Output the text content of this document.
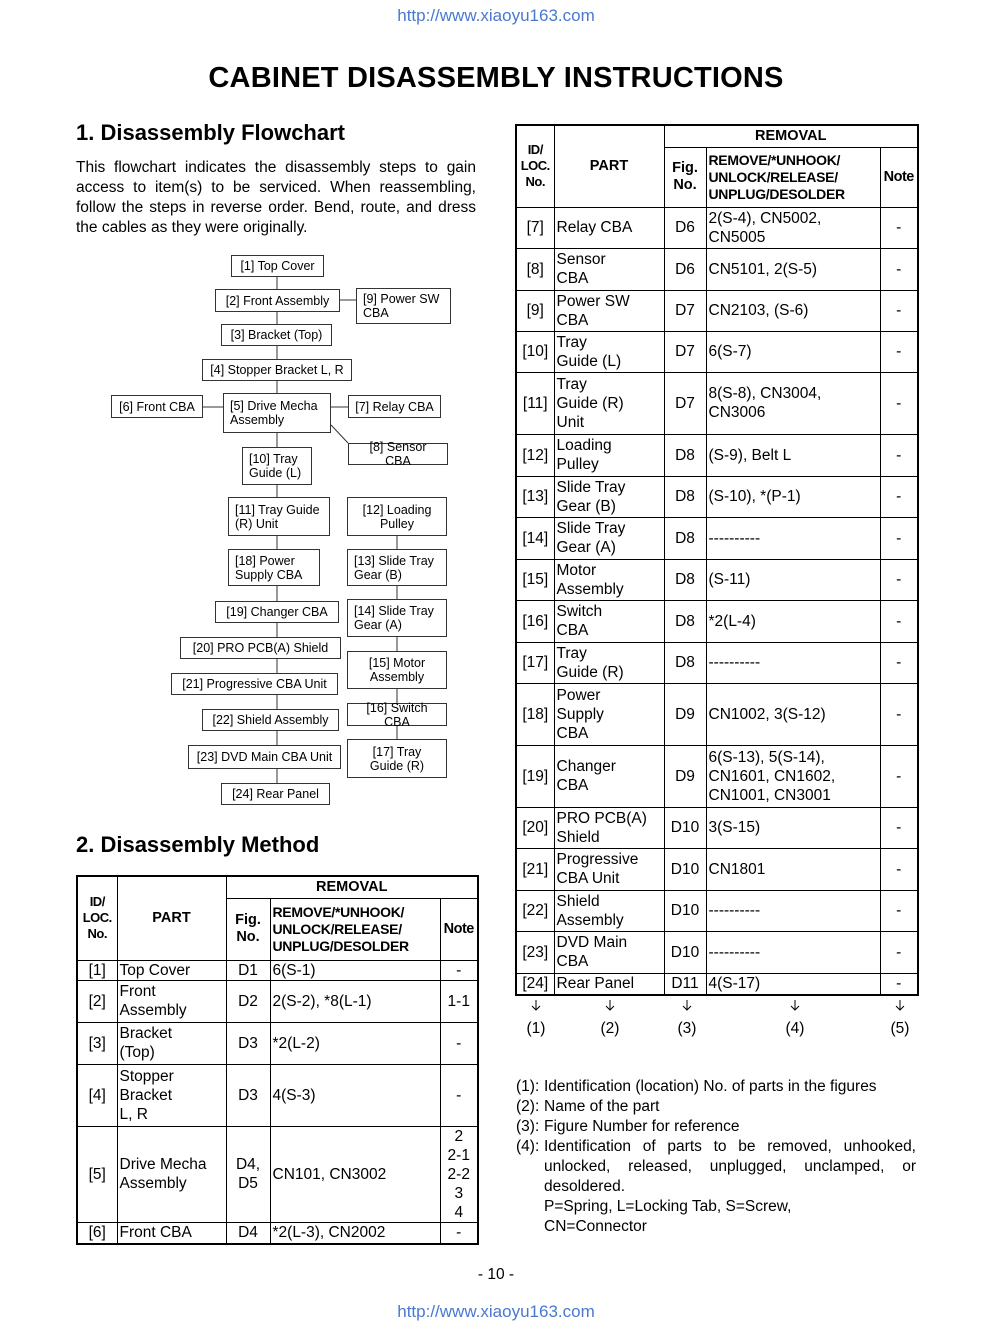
http://www.xiaoyu163.com
CABINET DISASSEMBLY INSTRUCTIONS
1. Disassembly Flowchart
This flowchart indicates the disassembly steps to gain access to item(s) to be serviced. When reassembling, follow the steps in reverse order. Bend, route, and dress the cables as they were originally.
[1] Top Cover
[2] Front Assembly	[9] Power SW
CBA
[3] Bracket (Top)
[4] Stopper Bracket L, R
[6] Front CBA	[5] Drive Mecha
Assembly
[7] Relay CBA
[8] Sensor CBA
[10] Tray
Guide (L)
[11] Tray Guide
(R) Unit
[12] Loading
Pulley
[18] Power
Supply CBA
[13] Slide Tray
Gear (B)
[19] Changer CBA [14] Slide Tray
Gear (A)
[20] PRO PCB(A) Shield
[15] Motor
Assembly
[21] Progressive CBA Unit
[22] Shield Assembly
[16] Switch CBA
[23] DVD Main CBA Unit	[17] Tray
Guide (R)
[24] Rear Panel
2. Disassembly Method
ID/
LOC.
No.	PART	REMOVAL		
		Fig.
No.	REMOVE/*UNHOOK/
UNLOCK/RELEASE/
UNPLUG/DESOLDER	Note
[1]	Top Cover	D1	6(S-1)	-
[2]	Front
Assembly	D2	2(S-2), *8(L-1)	1-1
[3]	Bracket
(Top)	D3	*2(L-2)	-
[4]	Stopper
Bracket
L, R	D3	4(S-3)	-
[5]	Drive Mecha
Assembly	D4,
D5	CN101, CN3002	2
2-1
2-2
3
4
[6]	Front CBA	D4	*2(L-3), CN2002	-
ID/
LOC.
No.	PART	REMOVAL		
		Fig.
No.	REMOVE/*UNHOOK/
UNLOCK/RELEASE/
UNPLUG/DESOLDER	Note
[7]	Relay CBA	D6	2(S-4), CN5002,
CN5005	-
[8]	Sensor
CBA	D6	CN5101, 2(S-5)	-
[9]	Power SW
CBA	D7	CN2103, (S-6)	-
[10]	Tray
Guide (L)	D7	6(S-7)	-
[11]	Tray
Guide (R)
Unit	D7	8(S-8), CN3004,
CN3006	-
[12]	Loading
Pulley	D8	(S-9), Belt L	-
[13]	Slide Tray
Gear (B)	D8	(S-10), *(P-1)	-
[14]	Slide Tray
Gear (A)	D8	----------	-
[15]	Motor
Assembly	D8	(S-11)	-
[16]	Switch
CBA	D8	*2(L-4)	-
[17]	Tray
Guide (R)	D8	----------	-
[18]	Power
Supply
CBA	D9	CN1002, 3(S-12)	-
[19]	Changer
CBA	D9	6(S-13), 5(S-14),
CN1601, CN1602,
CN1001, CN3001	-
[20]	PRO PCB(A)
Shield	D10	3(S-15)	-
[21]	Progressive
CBA Unit	D10	CN1801	-
[22]	Shield
Assembly	D10	----------	-
[23]	DVD Main
CBA	D10	----------	-
[24]	Rear Panel	D11	4(S-17)	-
(1)	(2)	(3)	(4)	(5)
(1): Identification (location) No. of parts in the figures
(2): Name of the part
(3): Figure Number for reference
(4): Identification of parts to be removed, unhooked, unlocked, released, unplugged, unclamped, or desoldered.
P=Spring, L=Locking Tab, S=Screw,
CN=Connector
- 10 -
http://www.xiaoyu163.com
